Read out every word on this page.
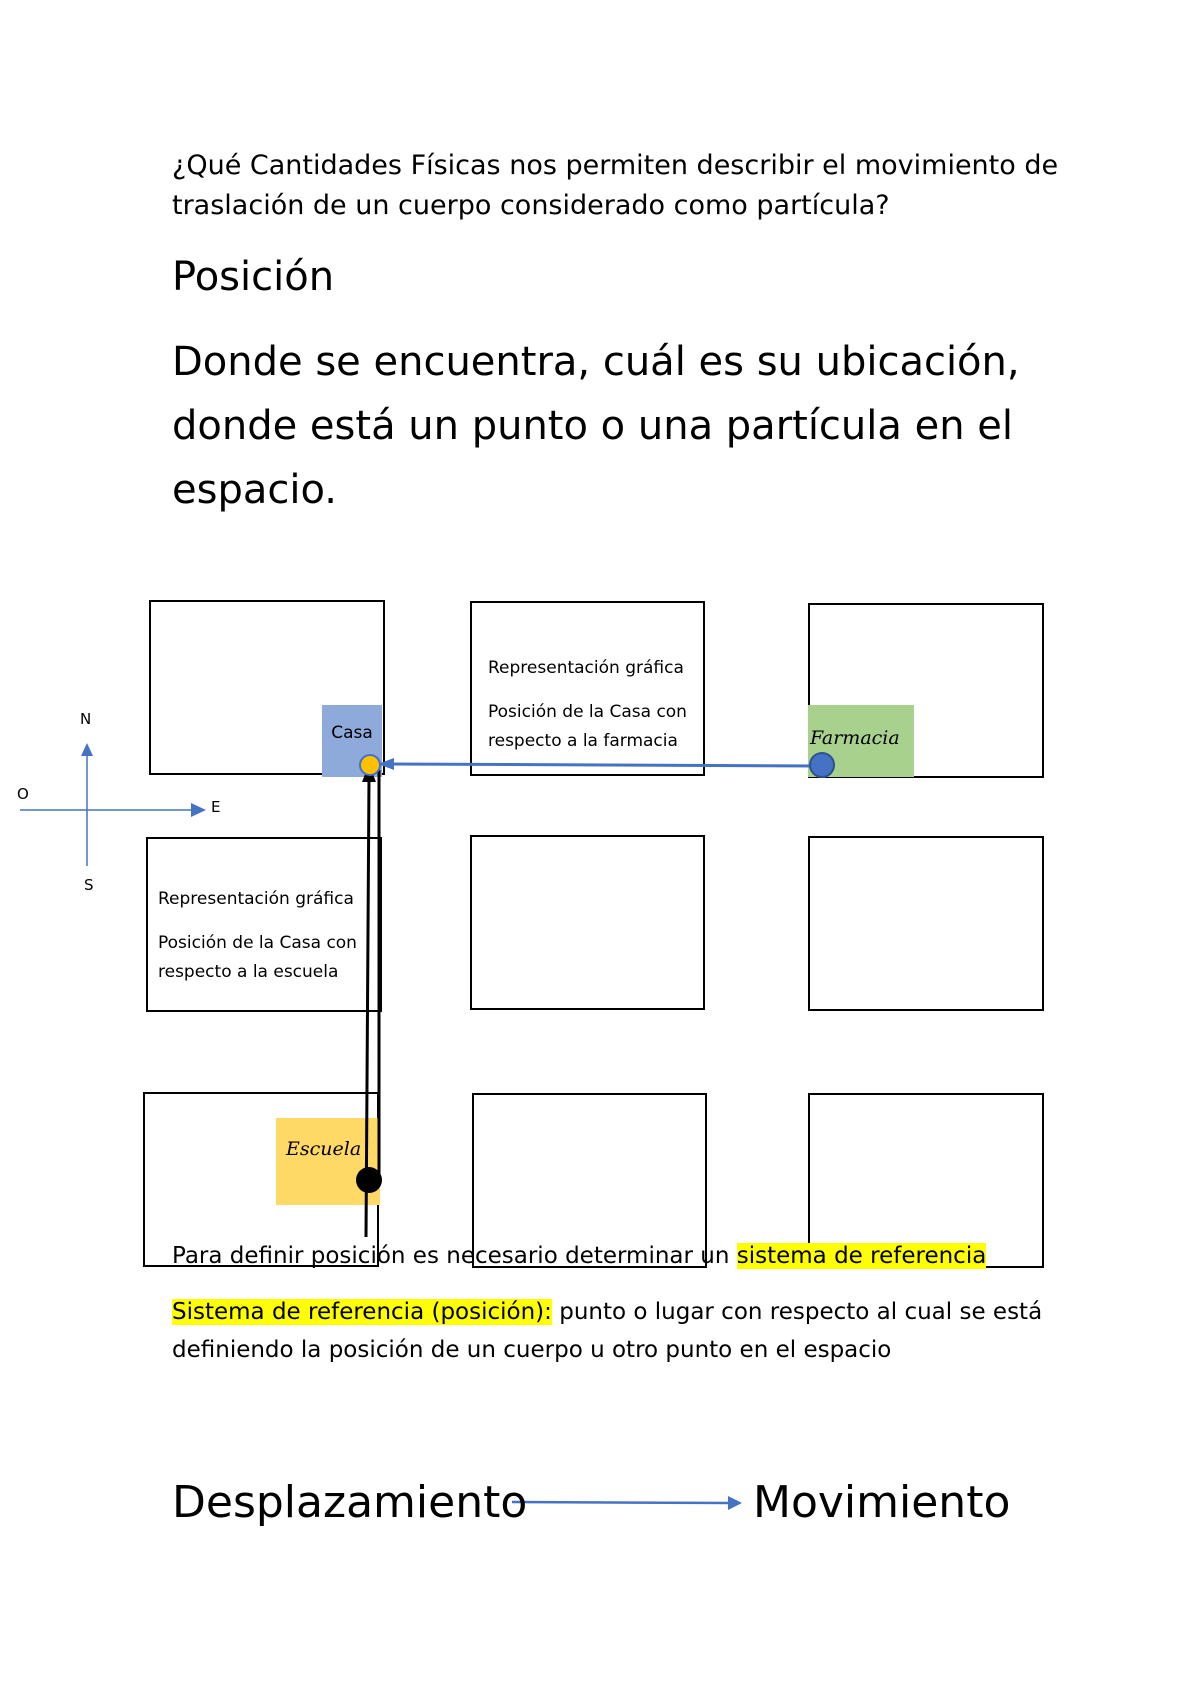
¿Qué Cantidades Físicas nos permiten describir el movimiento de traslación de un cuerpo considerado como partícula?
Posición
Donde se encuentra, cuál es su ubicación, donde está un punto o una partícula en el espacio.
Casa	Farmacia
Escuela
Representación gráfica
Posición de la Casa con
respecto a la farmacia
Representación gráfica
Posición de la Casa con
respecto a la escuela
N
S
E
O
Para definir posición es necesario determinar un sistema de referencia
Sistema de referencia (posición): punto o lugar con respecto al cual se está definiendo la posición de un cuerpo u otro punto en el espacio
Desplazamiento	Movimiento
